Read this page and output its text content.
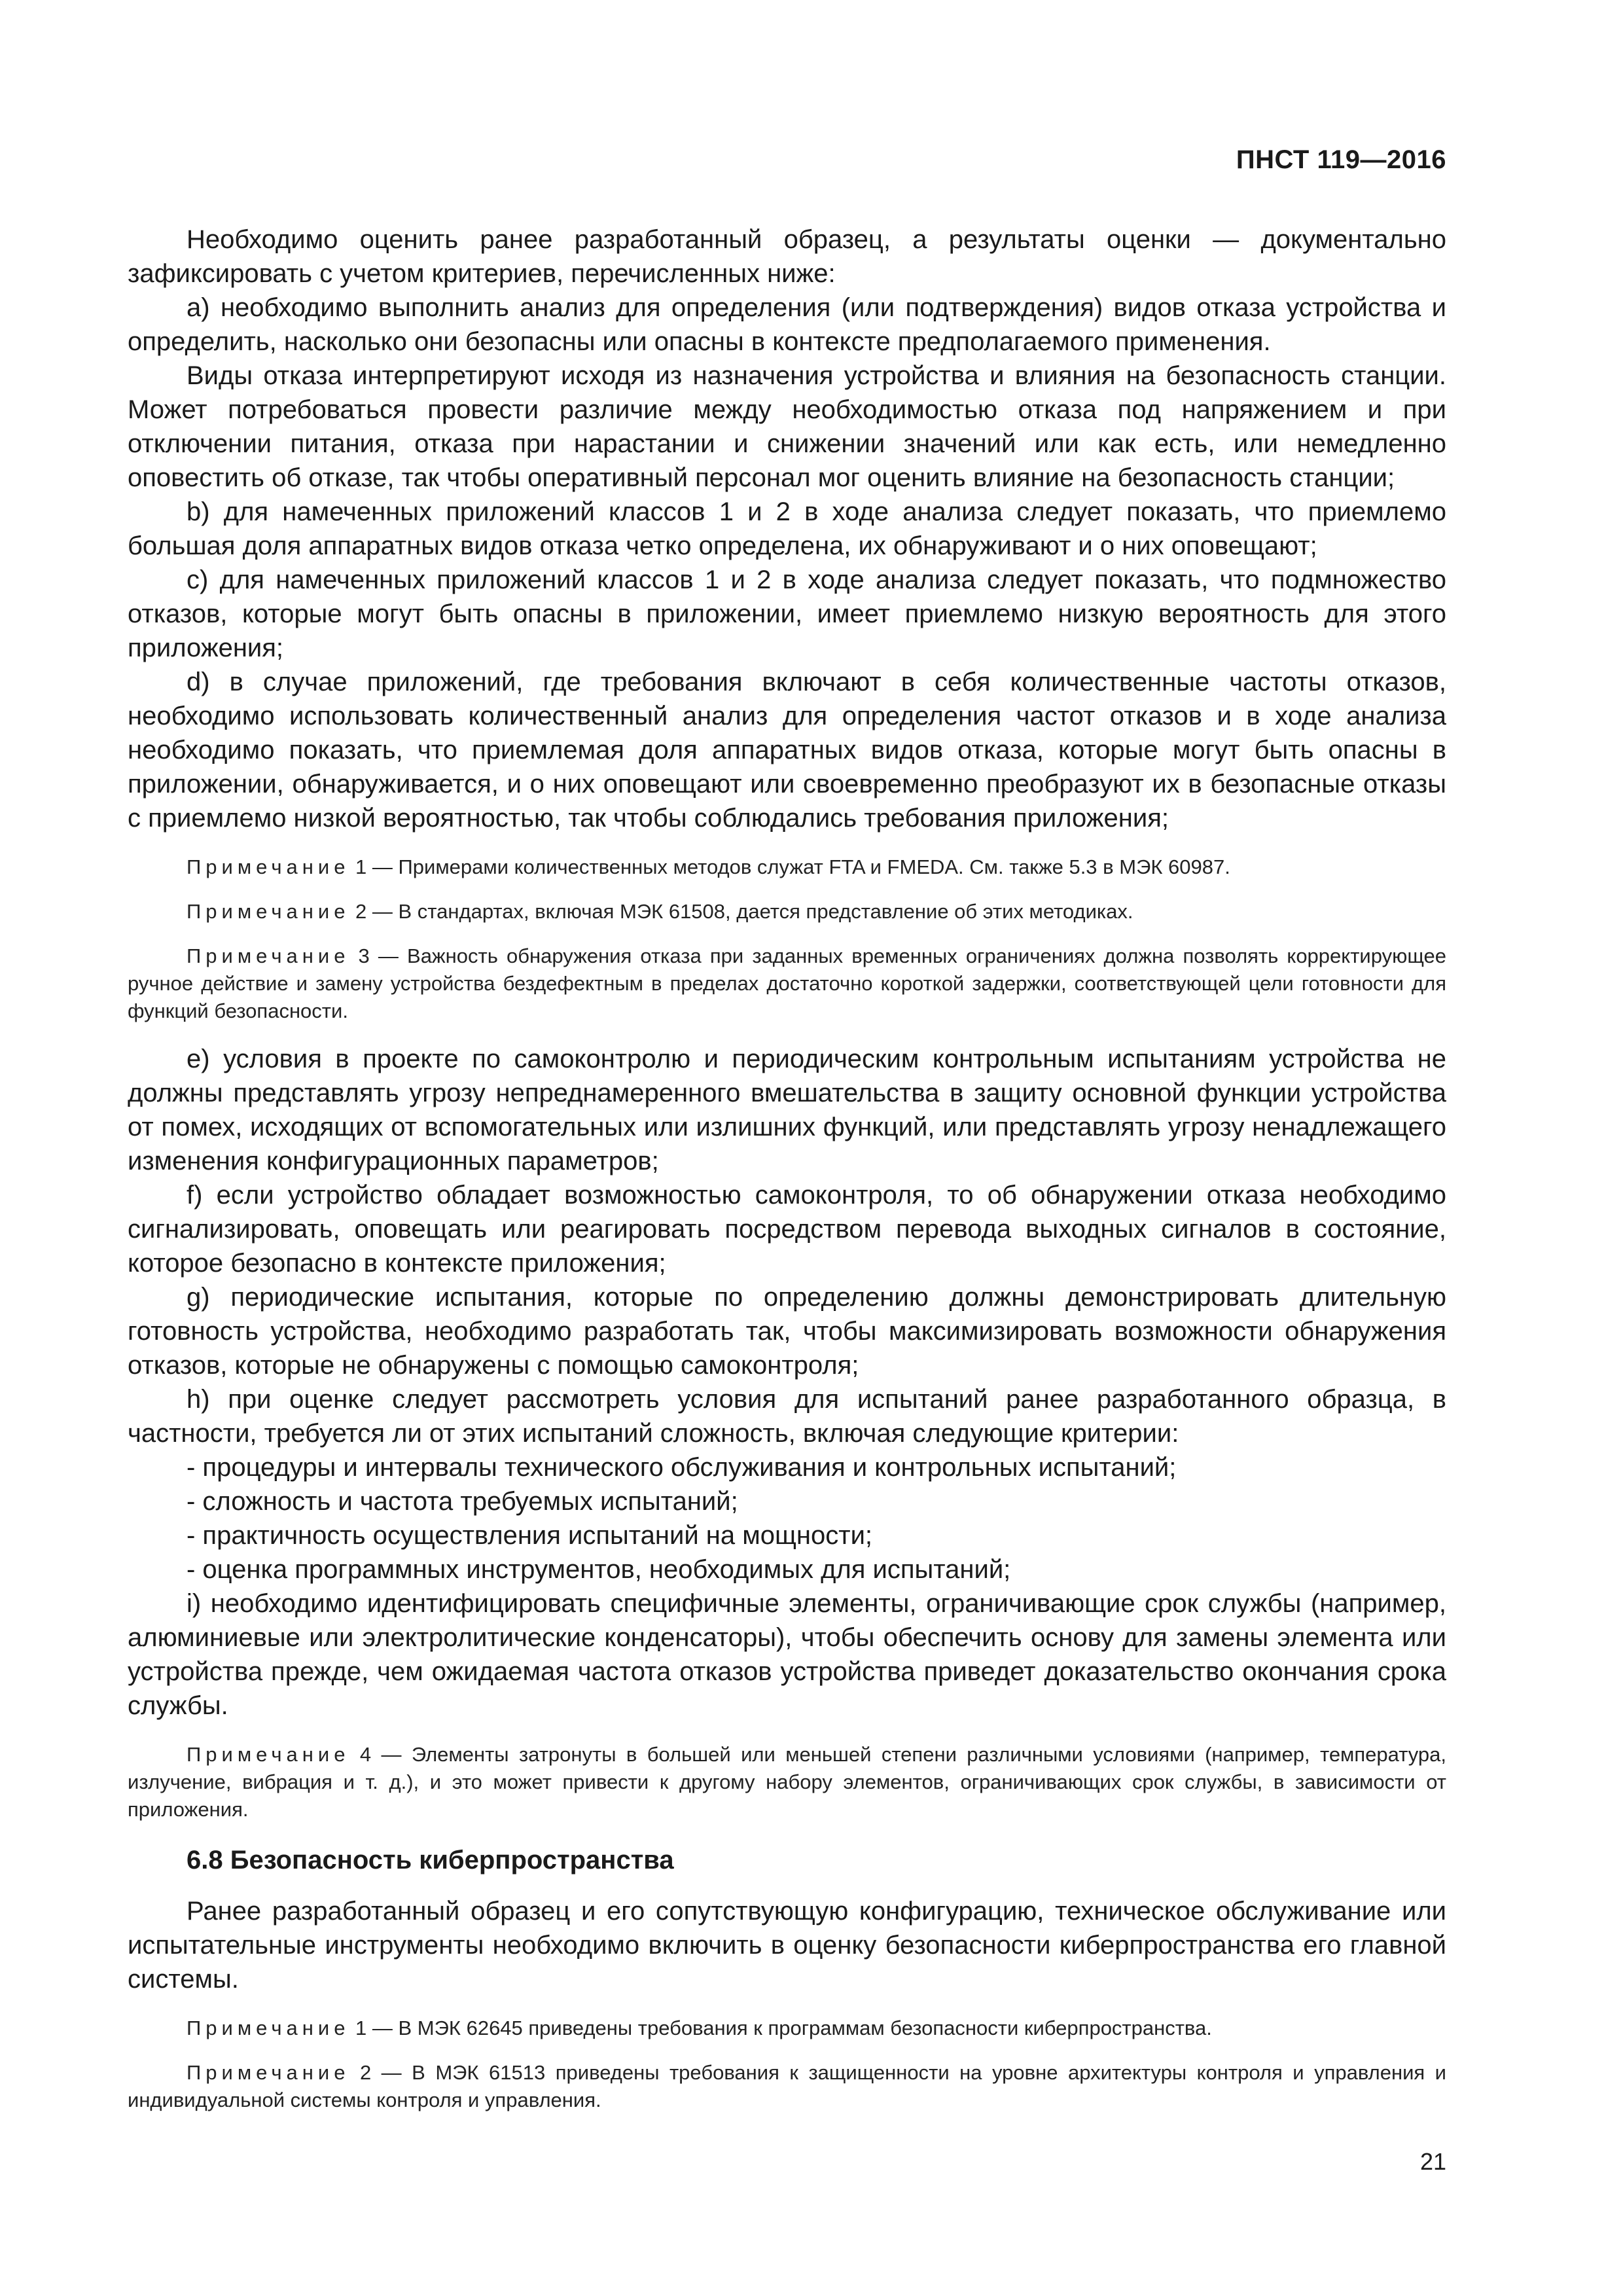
ПНСТ 119—2016

Необходимо оценить ранее разработанный образец, а результаты оценки — документально зафиксировать с учетом критериев, перечисленных ниже:

a) необходимо выполнить анализ для определения (или подтверждения) видов отказа устройства и определить, насколько они безопасны или опасны в контексте предполагаемого применения.

Виды отказа интерпретируют исходя из назначения устройства и влияния на безопасность станции. Может потребоваться провести различие между необходимостью отказа под напряжением и при отключении питания, отказа при нарастании и снижении значений или как есть, или немедленно оповестить об отказе, так чтобы оперативный персонал мог оценить влияние на безопасность станции;

b) для намеченных приложений классов 1 и 2 в ходе анализа следует показать, что приемлемо большая доля аппаратных видов отказа четко определена, их обнаруживают и о них оповещают;

c) для намеченных приложений классов 1 и 2 в ходе анализа следует показать, что подмножество отказов, которые могут быть опасны в приложении, имеет приемлемо низкую вероятность для этого приложения;

d) в случае приложений, где требования включают в себя количественные частоты отказов, необходимо использовать количественный анализ для определения частот отказов и в ходе анализа необходимо показать, что приемлемая доля аппаратных видов отказа, которые могут быть опасны в приложении, обнаруживается, и о них оповещают или своевременно преобразуют их в безопасные отказы с приемлемо низкой вероятностью, так чтобы соблюдались требования приложения;

Примечание 1 — Примерами количественных методов служат FTA и FMEDA. См. также 5.3 в МЭК 60987.

Примечание 2 — В стандартах, включая МЭК 61508, дается представление об этих методиках.

Примечание 3 — Важность обнаружения отказа при заданных временных ограничениях должна позволять корректирующее ручное действие и замену устройства бездефектным в пределах достаточно короткой задержки, соответствующей цели готовности для функций безопасности.

e) условия в проекте по самоконтролю и периодическим контрольным испытаниям устройства не должны представлять угрозу непреднамеренного вмешательства в защиту основной функции устройства от помех, исходящих от вспомогательных или излишних функций, или представлять угрозу ненадлежащего изменения конфигурационных параметров;

f) если устройство обладает возможностью самоконтроля, то об обнаружении отказа необходимо сигнализировать, оповещать или реагировать посредством перевода выходных сигналов в состояние, которое безопасно в контексте приложения;

g) периодические испытания, которые по определению должны демонстрировать длительную готовность устройства, необходимо разработать так, чтобы максимизировать возможности обнаружения отказов, которые не обнаружены с помощью самоконтроля;

h) при оценке следует рассмотреть условия для испытаний ранее разработанного образца, в частности, требуется ли от этих испытаний сложность, включая следующие критерии:

- процедуры и интервалы технического обслуживания и контрольных испытаний;

- сложность и частота требуемых испытаний;

- практичность осуществления испытаний на мощности;

- оценка программных инструментов, необходимых для испытаний;

i) необходимо идентифицировать специфичные элементы, ограничивающие срок службы (например, алюминиевые или электролитические конденсаторы), чтобы обеспечить основу для замены элемента или устройства прежде, чем ожидаемая частота отказов устройства приведет доказательство окончания срока службы.

Примечание 4 — Элементы затронуты в большей или меньшей степени различными условиями (например, температура, излучение, вибрация и т. д.), и это может привести к другому набору элементов, ограничивающих срок службы, в зависимости от приложения.

6.8 Безопасность киберпространства

Ранее разработанный образец и его сопутствующую конфигурацию, техническое обслуживание или испытательные инструменты необходимо включить в оценку безопасности киберпространства его главной системы.

Примечание 1 — В МЭК 62645 приведены требования к программам безопасности киберпространства.

Примечание 2 — В МЭК 61513 приведены требования к защищенности на уровне архитектуры контроля и управления и индивидуальной системы контроля и управления.

21
